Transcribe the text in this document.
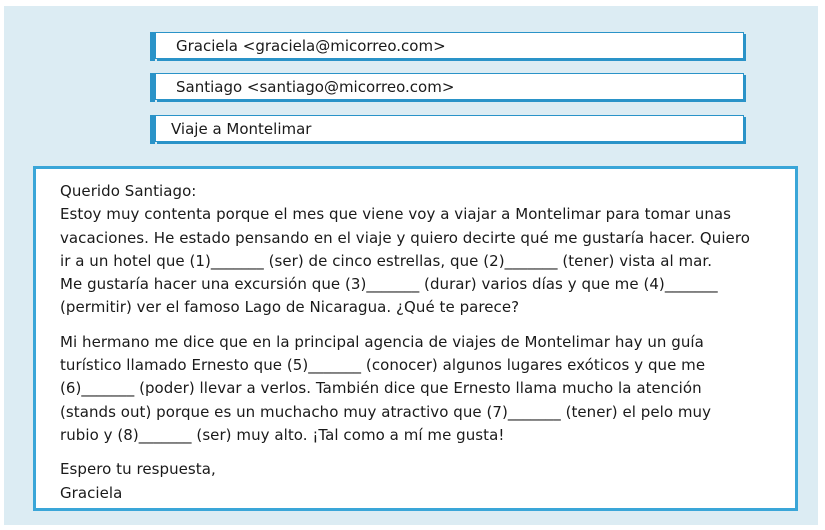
Graciela <graciela@micorreo.com>
Santiago <santiago@micorreo.com>
Viaje a Montelimar

Querido Santiago:
Estoy muy contenta porque el mes que viene voy a viajar a Montelimar para tomar unas
vacaciones. He estado pensando en el viaje y quiero decirte qué me gustaría hacer. Quiero
ir a un hotel que (1)_______ (ser) de cinco estrellas, que (2)_______ (tener) vista al mar.
Me gustaría hacer una excursión que (3)_______ (durar) varios días y que me (4)_______
(permitir) ver el famoso Lago de Nicaragua. ¿Qué te parece?

Mi hermano me dice que en la principal agencia de viajes de Montelimar hay un guía
turístico llamado Ernesto que (5)_______ (conocer) algunos lugares exóticos y que me
(6)_______ (poder) llevar a verlos. También dice que Ernesto llama mucho la atención
(stands out) porque es un muchacho muy atractivo que (7)_______ (tener) el pelo muy
rubio y (8)_______ (ser) muy alto. ¡Tal como a mí me gusta!

Espero tu respuesta,
Graciela
